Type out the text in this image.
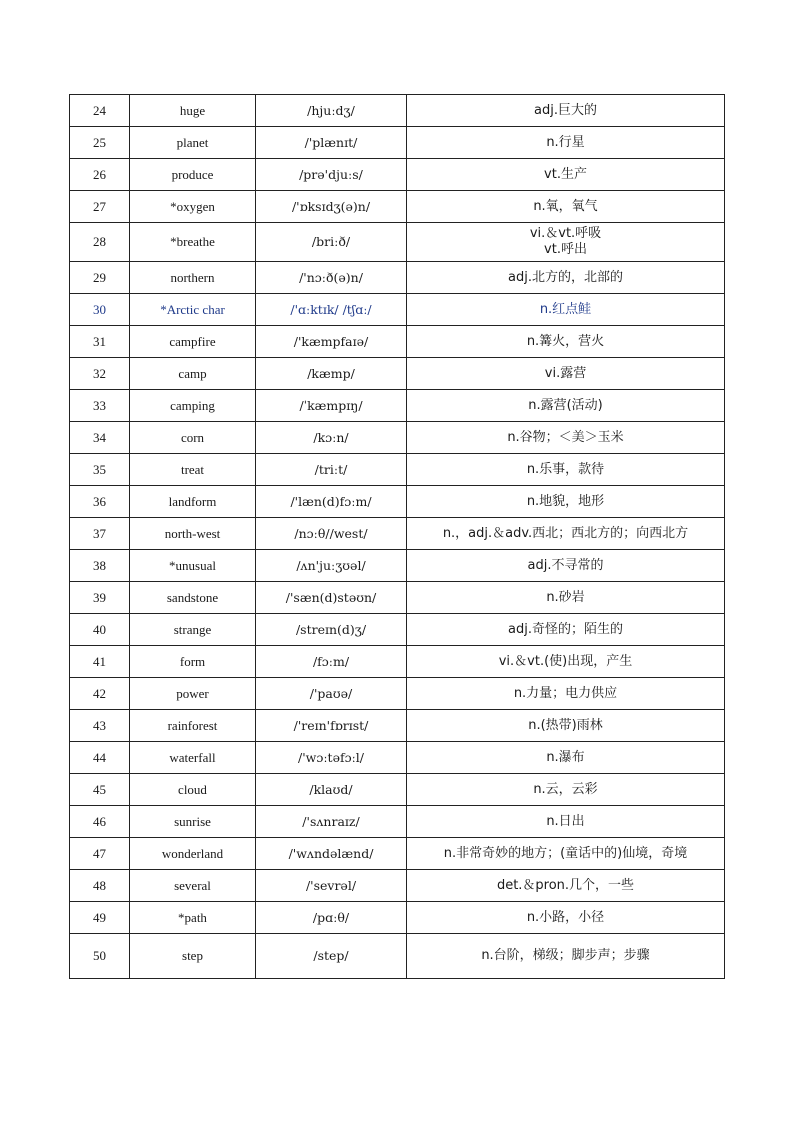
24	huge	/hjuːdʒ/	adj.巨大的

25	planet	/'plænɪt/	n.行星

26	produce	/prə'djuːs/	vt.生产

27	*oxygen	/'ɒksɪdʒ(ə)n/	n.氧，氧气

28	*breathe	/briːð/	vi.＆vt.呼吸
vt.呼出

29	northern	/'nɔːð(ə)n/	adj.北方的，北部的

30	*Arctic char	/'ɑːktɪk/ /tʃɑː/	n.红点鲑

31	campfire	/'kæmpfaɪə/	n.篝火，营火

32	camp	/kæmp/	vi.露营

33	camping	/ˈkæmpɪŋ/	n.露营(活动)

34	corn	/kɔːn/	n.谷物；＜美＞玉米

35	treat	/triːt/	n.乐事，款待

36	landform	/'læn(d)fɔːm/	n.地貌，地形

37	north-west	/nɔːθ//west/	n.，adj.＆adv.西北；西北方的；向西北方

38	*unusual	/ʌn'juːʒʊəl/	adj.不寻常的

39	sandstone	/'sæn(d)stəʊn/	n.砂岩

40	strange	/streɪn(d)ʒ/	adj.奇怪的；陌生的

41	form	/fɔːm/	vi.＆vt.(使)出现，产生

42	power	/'paʊə/	n.力量；电力供应

43	rainforest	/'reɪn'fɒrɪst/	n.(热带)雨林

44	waterfall	/'wɔːtəfɔːl/	n.瀑布

45	cloud	/klaʊd/	n.云，云彩

46	sunrise	/'sʌnraɪz/	n.日出

47	wonderland	/'wʌndəlænd/	n.非常奇妙的地方；(童话中的)仙境，奇境

48	several	/'sevrəl/	det.＆pron.几个，一些

49	*path	/pɑːθ/	n.小路，小径

50	step	/step/	n.台阶，梯级；脚步声；步骤
